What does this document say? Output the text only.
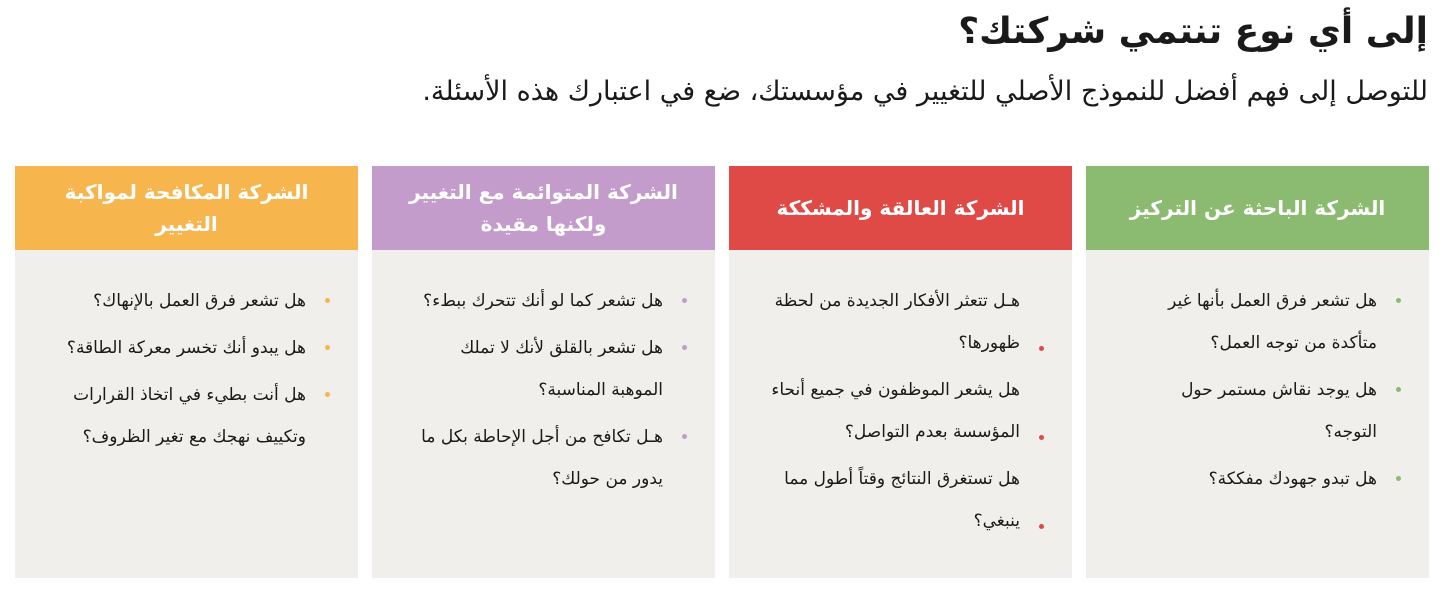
إلى أي نوع تنتمي شركتك؟

للتوصل إلى فهم أفضل للنموذج الأصلي للتغيير في مؤسستك، ضع في اعتبارك هذه الأسئلة.

الشركة الباحثة عن التركيز
هل تشعر فرق العمل بأنها غير متأكدة من توجه العمل؟
هل يوجد نقاش مستمر حول التوجه؟
هل تبدو جهودك مفككة؟
الشركة العالقة والمشككة
هـل تتعثر الأفكار الجديدة من لحظة ظهورها؟
هل يشعر الموظفون في جميع أنحاء المؤسسة بعدم التواصل؟
هل تستغرق النتائج وقتاً أطول مما ينبغي؟
الشركة المتوائمة مع التغيير ولكنها مقيدة
هل تشعر كما لو أنك تتحرك ببطء؟
هل تشعر بالقلق لأنك لا تملك الموهبة المناسبة؟
هـل تكافح من أجل الإحاطة بكل ما يدور من حولك؟
الشركة المكافحة لمواكبة التغيير
هل تشعر فرق العمل بالإنهاك؟
هل يبدو أنك تخسر معركة الطاقة؟
هل أنت بطيء في اتخاذ القرارات وتكييف نهجك مع تغير الظروف؟
